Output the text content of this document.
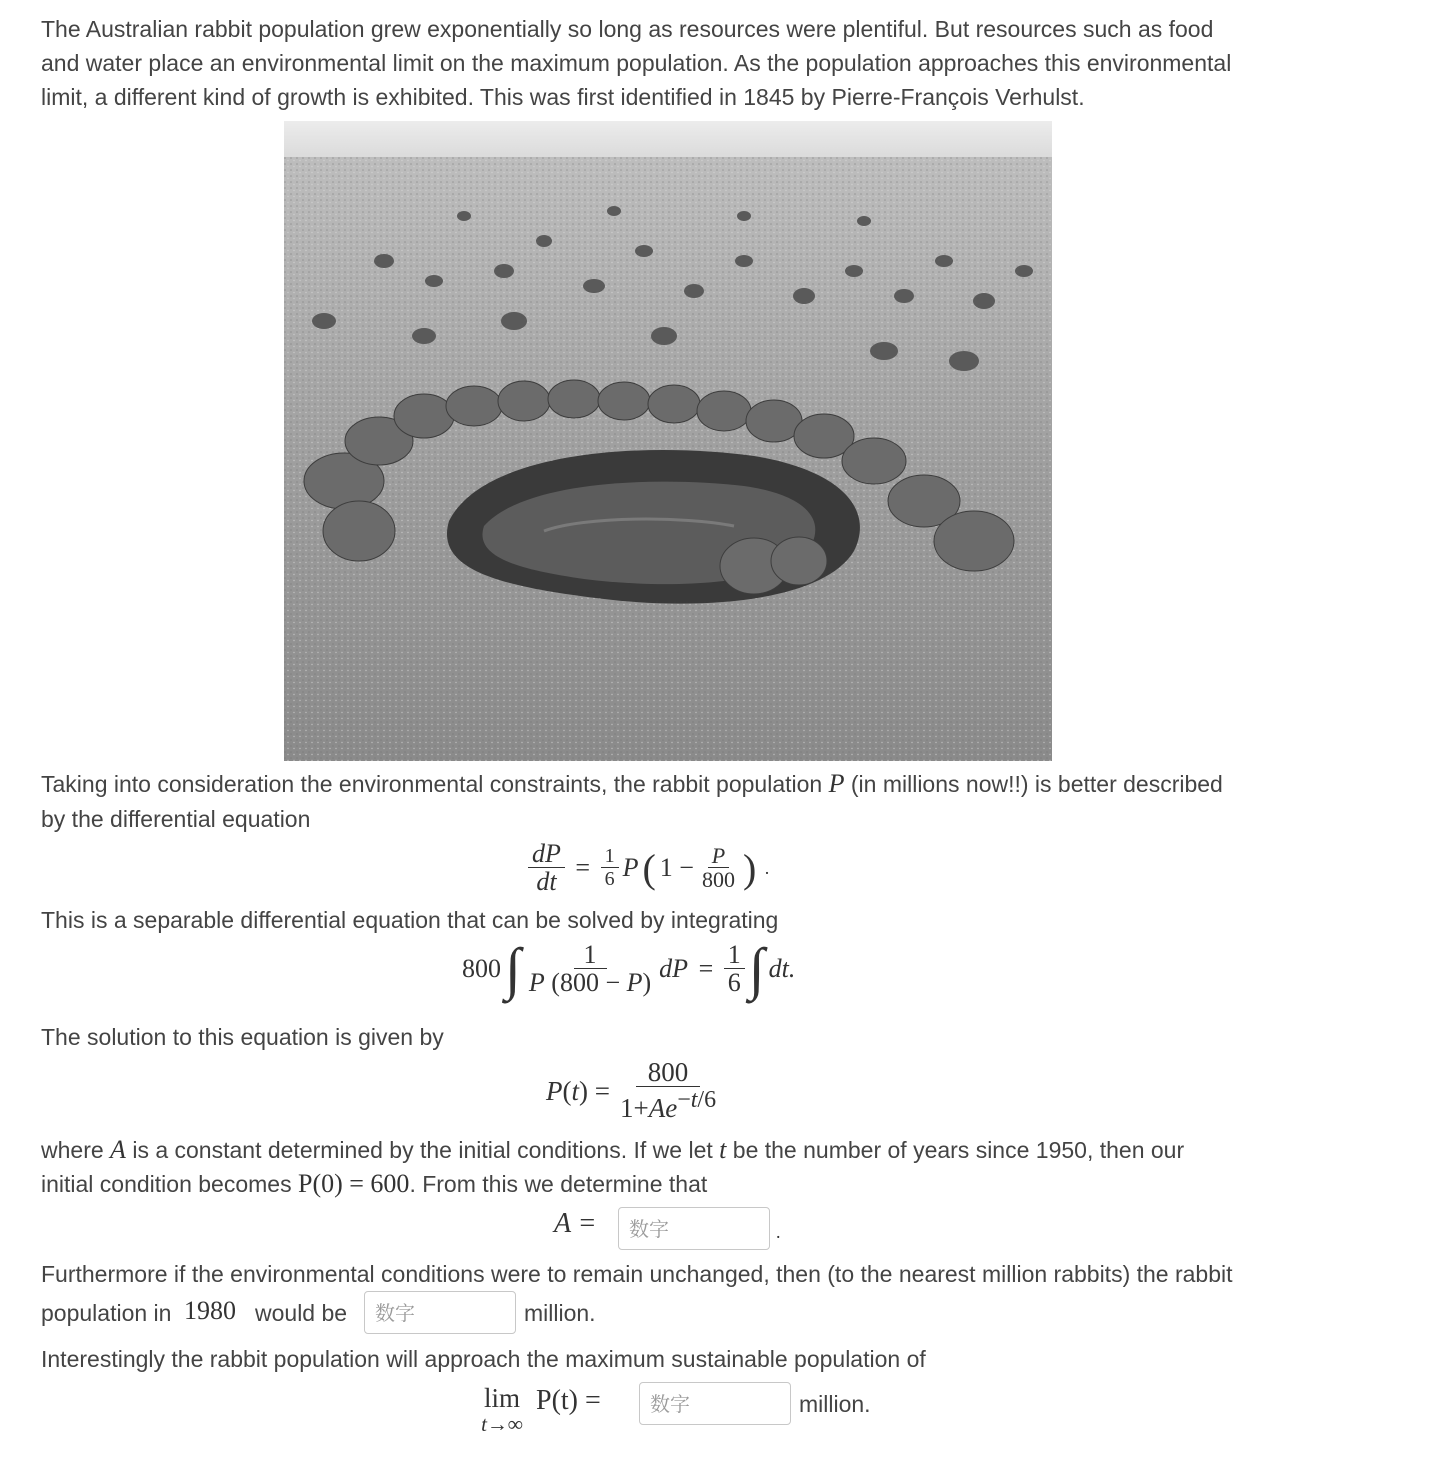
The Australian rabbit population grew exponentially so long as resources were plentiful. But resources such as food

and water place an environmental limit on the maximum population. As the population approaches this environmental

limit, a different kind of growth is exhibited. This was first identified in 1845 by Pierre-François Verhulst.

Taking into consideration the environmental constraints, the rabbit population P (in millions now!!) is better described

by the differential equation

$\frac{dP}{dt} = \frac{1}{6}$ P ( $1 - \frac{P}{800}$ ) .

This is a separable differential equation that can be solved by integrating

800 ∫ $\frac{1}{P (800 - P)}$ dP = $\frac{1}{6}$ ∫ dt.

The solution to this equation is given by

$P(t) = \frac{800}{1+Ae^{-t/6}}$

where A is a constant determined by the initial conditions. If we let t be the number of years since 1950, then our

initial condition becomes P(0) = 600. From this we determine that

A =
数字	.

Furthermore if the environmental conditions were to remain unchanged, then (to the nearest million rabbits) the rabbit

population in 1980 would be
数字	million.

Interestingly the rabbit population will approach the maximum sustainable population of

lim
t→∞
P(t) =
数字	million.
